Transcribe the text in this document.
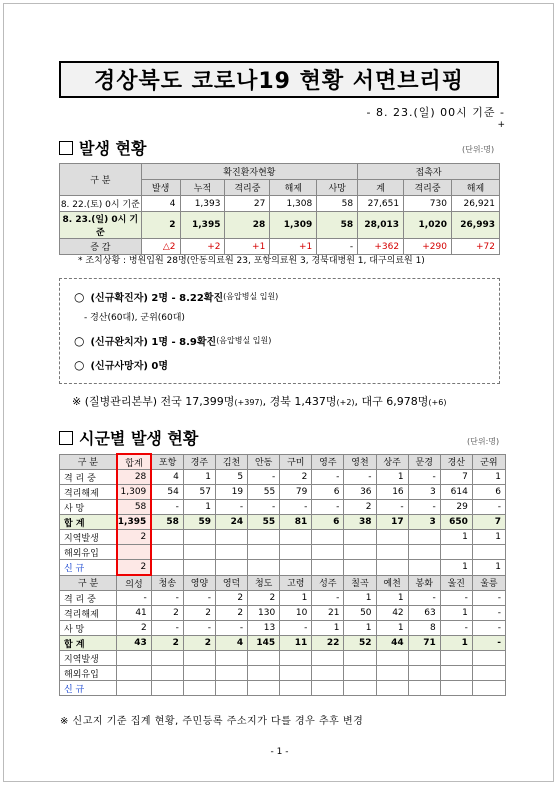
경상북도 코로나19 현황 서면브리핑
- 8. 23.(일) 00시 기준 -
+
발생 현황	(단위:명)
구 분	확진환자현황					접촉자		
	발생	누적	격리중	해제	사망	계	격리중	해제
8. 22.(토) 0시 기준	4	1,393	27	1,308	58	27,651	730	26,921
8. 23.(일) 0시 기준	2	1,395	28	1,309	58	28,013	1,020	26,993
증 감	△2	+2	+1	+1	-	+362	+290	+72
* 조치상황 : 병원입원 28명(안동의료원 23, 포항의료원 3, 경북대병원 1, 대구의료원 1)
○ (신규확진자) 2명 - 8.22확진 (음압병실 입원)
- 경산(60대), 군위(60대)
○ (신규완치자) 1명 - 8.9확진 (음압병실 입원)
○ (신규사망자) 0명
※ (질병관리본부) 전국 17,399명(+397), 경북 1,437명(+2), 대구 6,978명(+6)
시군별 발생 현황	(단위:명)
구 분	합계	포항	경주	김천	안동	구미	영주	영천	상주	문경	경산	군위
격 리 중	28	4	1	5	-	2	-	-	1	-	7	1
격리해제	1,309	54	57	19	55	79	6	36	16	3	614	6
사 망	58	-	1	-	-	-	-	2	-	-	29	-
합 계	1,395	58	59	24	55	81	6	38	17	3	650	7
지역발생	2										1	1
해외유입												
신 규	2										1	1
구 분	의성	청송	영양	영덕	청도	고령	성주	칠곡	예천	봉화	울진	울릉
격 리 중	-	-	-	2	2	1	-	1	1	-	-	-
격리해제	41	2	2	2	130	10	21	50	42	63	1	-
사 망	2	-	-	-	13	-	1	1	1	8	-	-
합 계	43	2	2	4	145	11	22	52	44	71	1	-
지역발생												
해외유입												
신 규												
※ 신고지 기준 집계 현황, 주민등록 주소지가 다를 경우 추후 변경
- 1 -
